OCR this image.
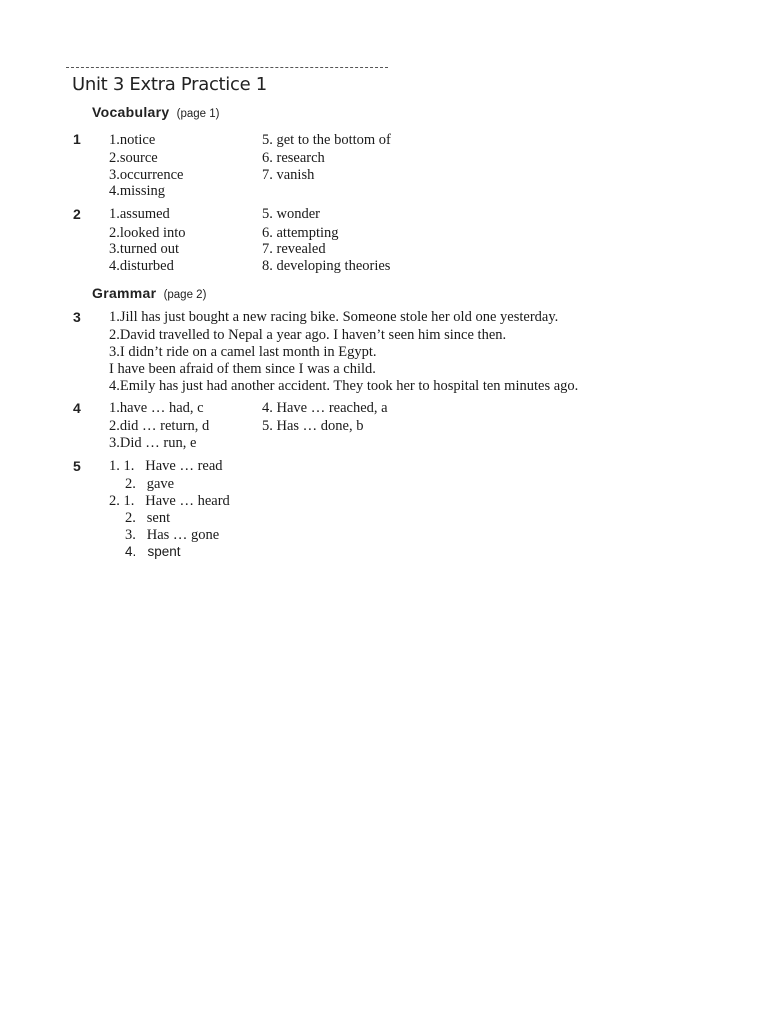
Unit 3 Extra Practice 1
Vocabulary (page 1)
1 1.notice
2.source
3.occurrence
4.missing
5. get to the bottom of
6. research
7. vanish
2 1.assumed
2.looked into
3.turned out
4.disturbed
5. wonder
6. attempting
7. revealed
8. developing theories
Grammar (page 2)
3 1.Jill has just bought a new racing bike. Someone stole her old one yesterday.
2.David travelled to Nepal a year ago. I haven’t seen him since then.
3.I didn’t ride on a camel last month in Egypt.
I have been afraid of them since I was a child.
4.Emily has just had another accident. They took her to hospital ten minutes ago.
4 1.have … had, c
2.did … return, d
3.Did … run, e
4. Have … reached, a
5. Has … done, b
5 1. 1.   Have … read
2.   gave
2. 1.   Have … heard
2.   sent
3.   Has … gone
4.   spent
